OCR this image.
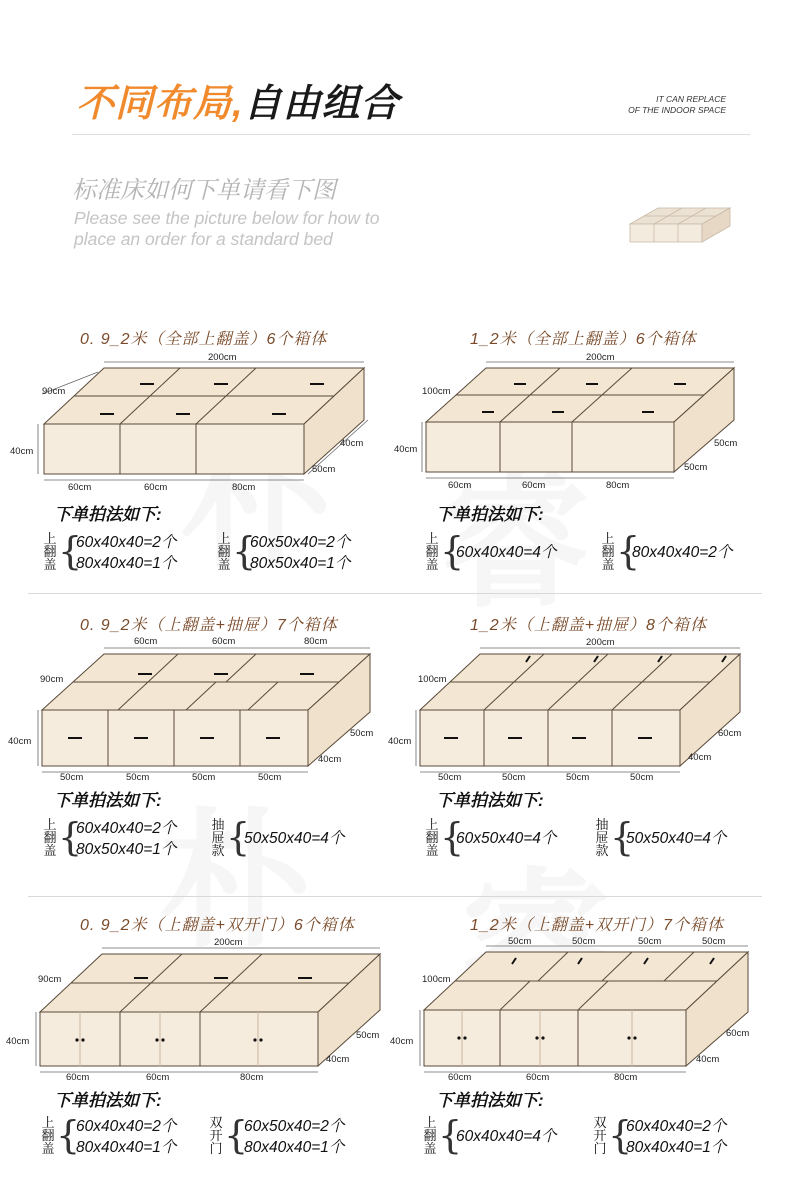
不同布局,自由组合	IT CAN REPLACE
OF THE INDOOR SPACE
标准床如何下单请看下图
Please see the picture below for how to
place an order for a standard bed
0. 9_2米（全部上翻盖）6个箱体
200cm
90cm
40cm
40cm
50cm
60cm	60cm	80cm
下单拍法如下:
上
翻
盖 {
60x40x40=2个
80x40x40=1个
上
翻
盖 {
60x50x40=2个
80x50x40=1个
1_2米（全部上翻盖）6个箱体
200cm
100cm
40cm
50cm
50cm
60cm	60cm	80cm
下单拍法如下:
上
翻
盖 {
60x40x40=4个
上
翻
盖 {
80x40x40=2个
0. 9_2米（上翻盖+抽屉）7个箱体
60cm	60cm	80cm
90cm
40cm
50cm
40cm
50cm	50cm	50cm	50cm
下单拍法如下:
上
翻
盖 {
60x40x40=2个
80x50x40=1个
抽
屉
款 {
50x50x40=4个
1_2米（上翻盖+抽屉）8个箱体
200cm
100cm
40cm
60cm
40cm
50cm	50cm	50cm	50cm
下单拍法如下:
上
翻
盖 {
60x50x40=4个
抽
屉
款 {
50x50x40=4个
0. 9_2米（上翻盖+双开门）6个箱体
200cm
90cm
40cm
50cm
40cm
60cm	60cm	80cm
下单拍法如下:
上
翻
盖 {
60x40x40=2个
80x40x40=1个
双
开
门 {
60x50x40=2个
80x40x40=1个
1_2米（上翻盖+双开门）7个箱体
50cm	50cm	50cm	50cm
100cm
40cm
60cm
40cm
60cm	60cm	80cm
下单拍法如下:
上
翻
盖 {
60x40x40=4个
双
开
门 {
60x40x40=2个
80x40x40=1个
